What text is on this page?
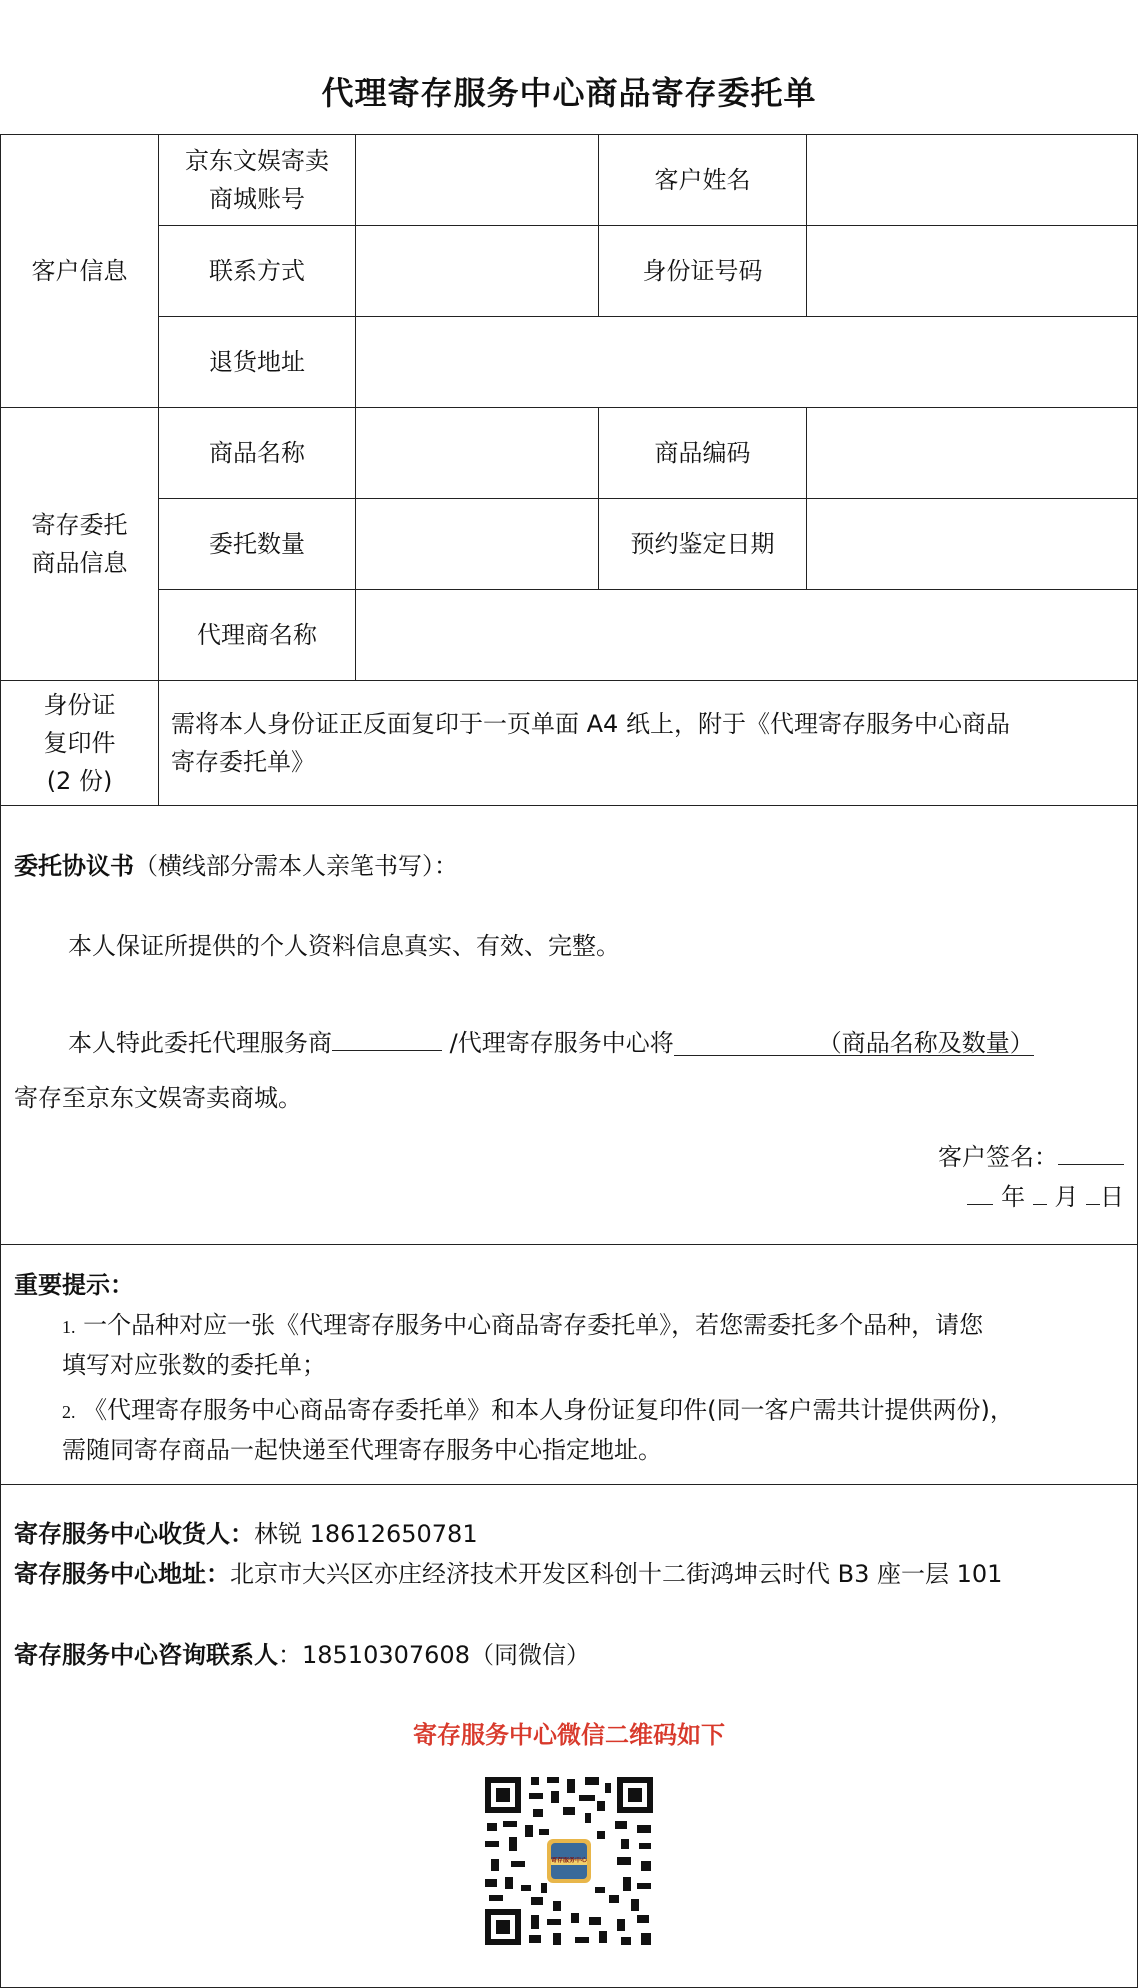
代理寄存服务中心商品寄存委托单
客户信息	京东文娱寄卖
商城账号		客户姓名	
	联系方式		身份证号码	
	退货地址			
寄存委托
商品信息	商品名称		商品编码	
	委托数量		预约鉴定日期	
	代理商名称			
身份证
复印件
(2 份)	需将本人身份证正反面复印于一页单面 A4 纸上，附于《代理寄存服务中心商品
寄存委托单》			
委托协议书（横线部分需本人亲笔书写）：
本人保证所提供的个人资料信息真实、有效、完整。
本人特此委托代理服务商	/代理寄存服务中心将	（商品名称及数量）
寄存至京东文娱寄卖商城。
客户签名：
年 月 日
重要提示：
1. 一个品种对应一张《代理寄存服务中心商品寄存委托单》，若您需委托多个品种，请您
填写对应张数的委托单；
2. 《代理寄存服务中心商品寄存委托单》和本人身份证复印件(同一客户需共计提供两份)，
需随同寄存商品一起快递至代理寄存服务中心指定地址。
寄存服务中心收货人：林锐 18612650781
寄存服务中心地址：北京市大兴区亦庄经济技术开发区科创十二街鸿坤云时代 B3 座一层 101
寄存服务中心咨询联系人：18510307608（同微信）
寄存服务中心微信二维码如下
寄存服务中心
